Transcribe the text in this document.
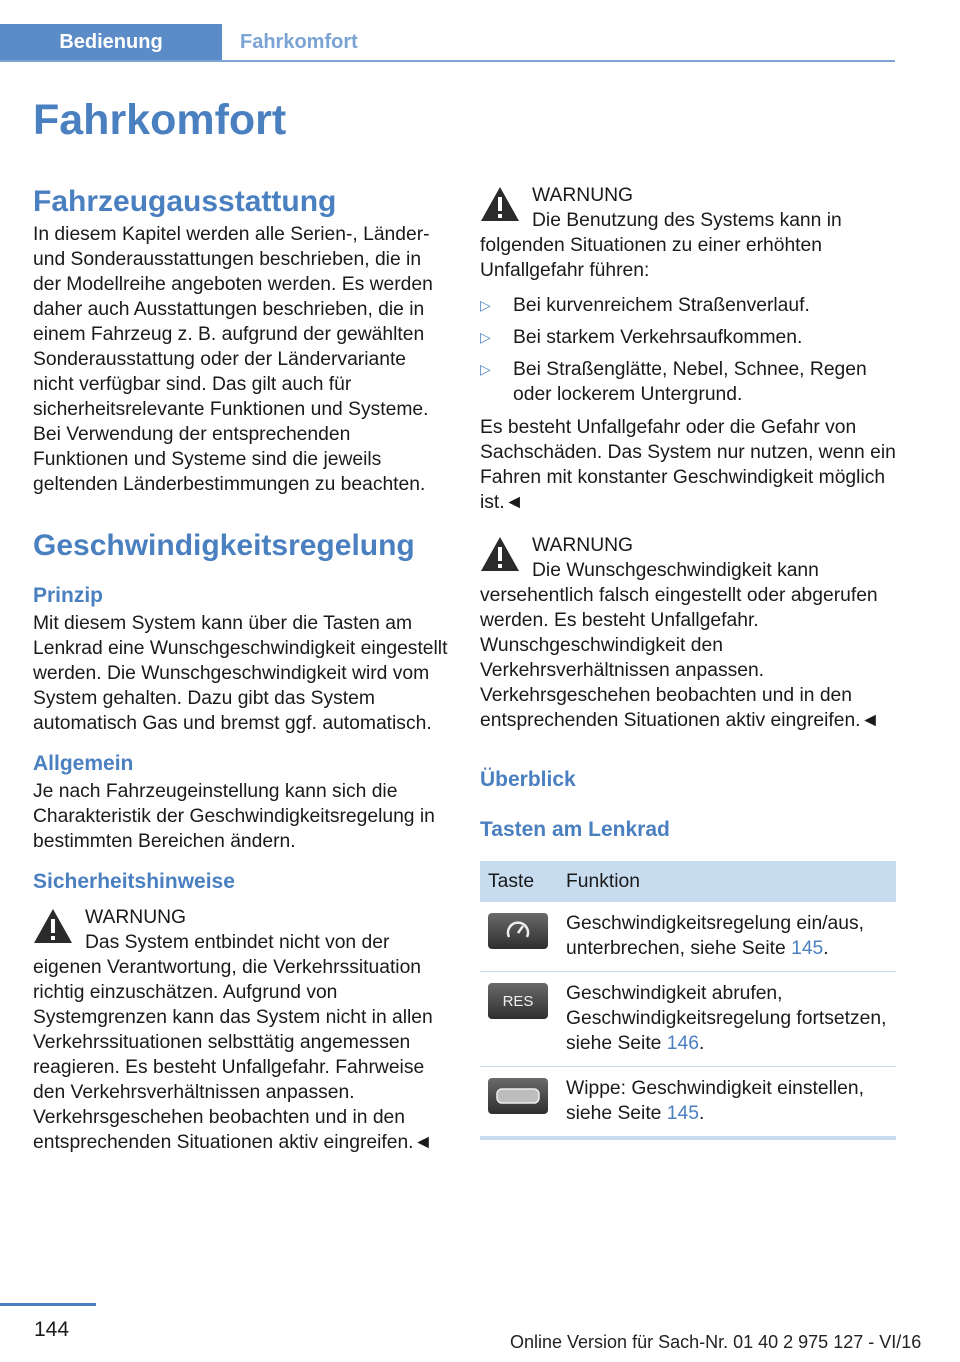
Bedienung	Fahrkomfort
Fahrkomfort
Fahrzeugausstattung

In diesem Kapitel werden alle Serien-, Länder- und Sonderausstattungen beschrieben, die in der Modellreihe angeboten werden. Es werden daher auch Ausstattungen beschrieben, die in einem Fahrzeug z. B. aufgrund der gewählten Sonderausstattung oder der Ländervariante nicht verfügbar sind. Das gilt auch für sicherheitsrelevante Funktionen und Systeme. Bei Verwendung der entsprechenden Funktionen und Systeme sind die jeweils geltenden Länderbestimmungen zu beachten.

Geschwindigkeitsregelung
Prinzip

Mit diesem System kann über die Tasten am Lenkrad eine Wunschgeschwindigkeit eingestellt werden. Die Wunschgeschwindigkeit wird vom System gehalten. Dazu gibt das System automatisch Gas und bremst ggf. automatisch.

Allgemein

Je nach Fahrzeugeinstellung kann sich die Charakteristik der Geschwindigkeitsregelung in bestimmten Bereichen ändern.

Sicherheitshinweise
WARNUNG
Das System entbindet nicht von der eigenen Verantwortung, die Verkehrssituation richtig einzuschätzen. Aufgrund von Systemgrenzen kann das System nicht in allen Verkehrssituationen selbsttätig angemessen reagieren. Es besteht Unfallgefahr. Fahrweise den Verkehrsverhältnissen anpassen. Verkehrsgeschehen beobachten und in den entsprechenden Situationen aktiv eingreifen.◄
WARNUNG
Die Benutzung des Systems kann in folgenden Situationen zu einer erhöhten Unfallgefahr führen:
▷ Bei kurvenreichem Straßenverlauf.
▷ Bei starkem Verkehrsaufkommen.
▷ Bei Straßenglätte, Nebel, Schnee, Regen oder lockerem Untergrund.

Es besteht Unfallgefahr oder die Gefahr von Sachschäden. Das System nur nutzen, wenn ein Fahren mit konstanter Geschwindigkeit möglich ist.◄

WARNUNG
Die Wunschgeschwindigkeit kann versehentlich falsch eingestellt oder abgerufen werden. Es besteht Unfallgefahr. Wunschgeschwindigkeit den Verkehrsverhältnissen anpassen. Verkehrsgeschehen beobachten und in den entsprechenden Situationen aktiv eingreifen.◄
Überblick
Tasten am Lenkrad
Taste	Funktion

	Geschwindigkeitsregelung ein/aus, unterbrechen, siehe Seite 145.

RES	Geschwindigkeit abrufen, Geschwindigkeitsregelung fortsetzen, siehe Seite 146.

	Wippe: Geschwindigkeit einstellen, siehe Seite 145.
144
Online Version für Sach-Nr. 01 40 2 975 127 - VI/16
